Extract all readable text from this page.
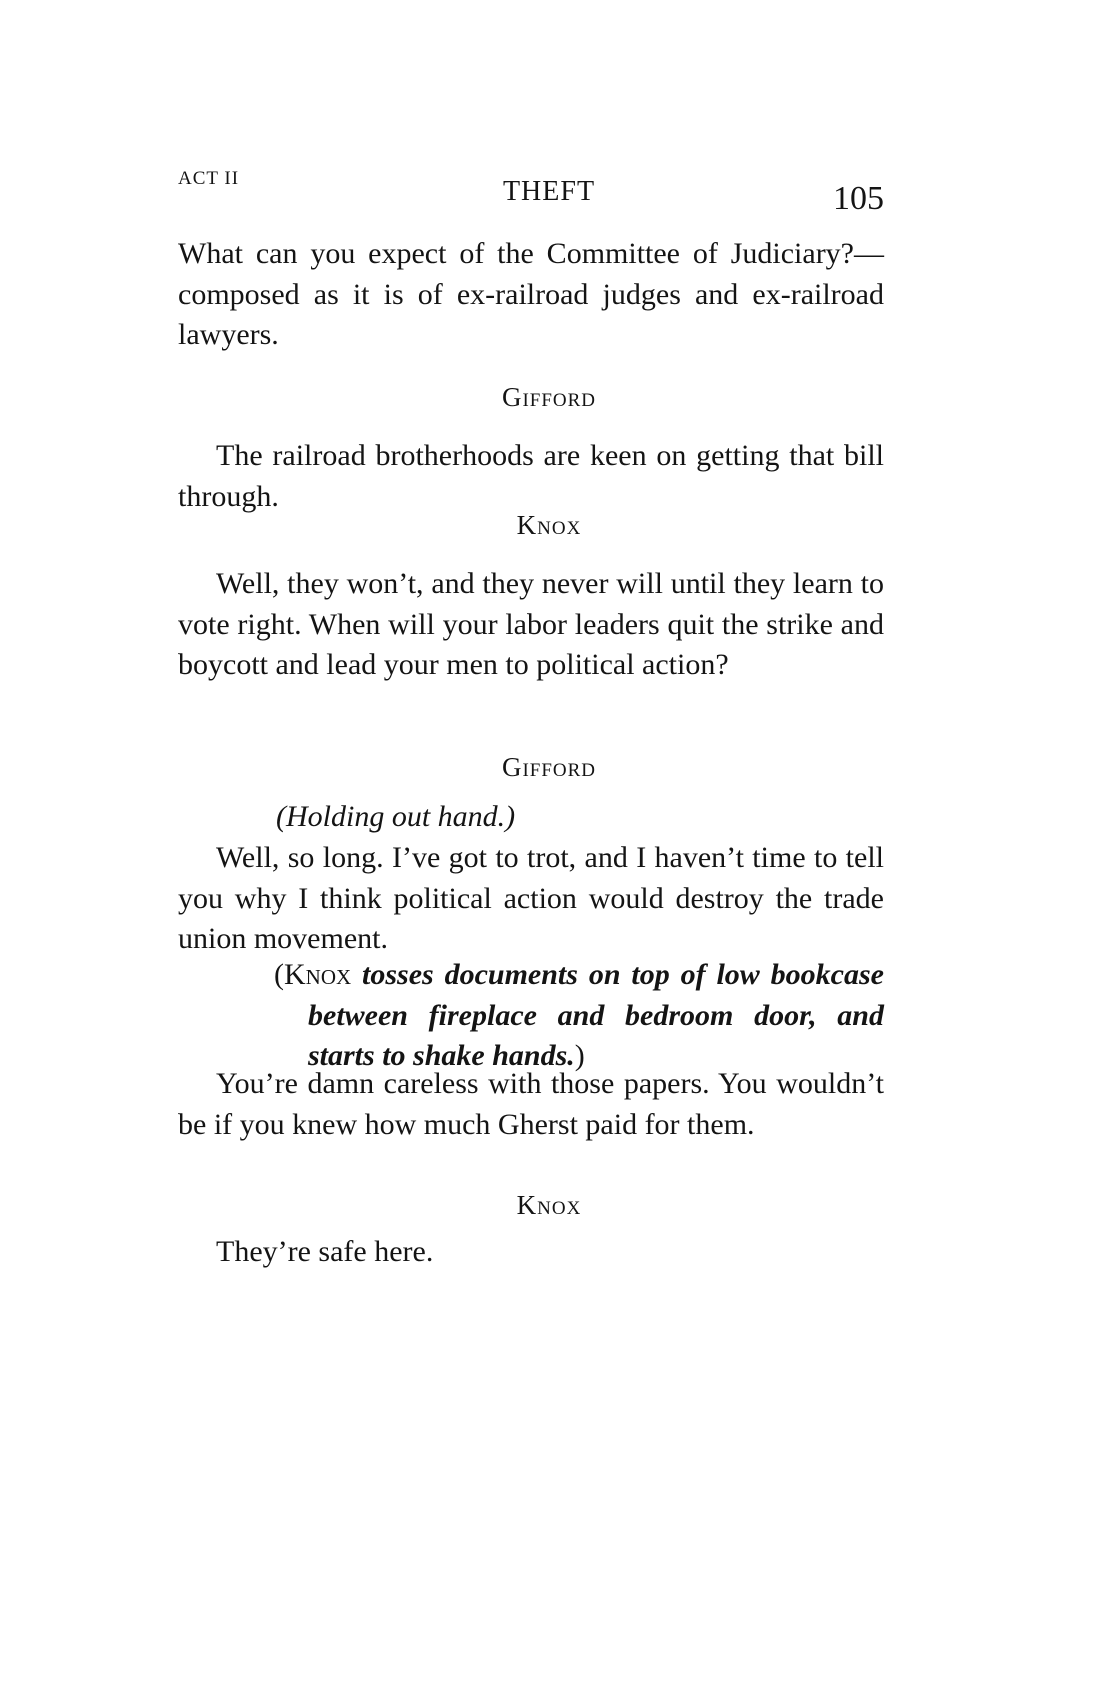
ACT II	THEFT	105

What can you expect of the Committee of Judiciary?—composed as it is of ex-railroad judges and ex-railroad lawyers.

Gifford

The railroad brotherhoods are keen on getting that bill through.

Knox

Well, they won’t, and they never will until they learn to vote right. When will your labor leaders quit the strike and boycott and lead your men to political action?

Gifford
(Holding out hand.)

Well, so long. I’ve got to trot, and I haven’t time to tell you why I think political action would destroy the trade union movement.

(Knox tosses documents on top of low bookcase between fireplace and bedroom door, and starts to shake hands.)

You’re damn careless with those papers. You wouldn’t be if you knew how much Gherst paid for them.

Knox

They’re safe here.
